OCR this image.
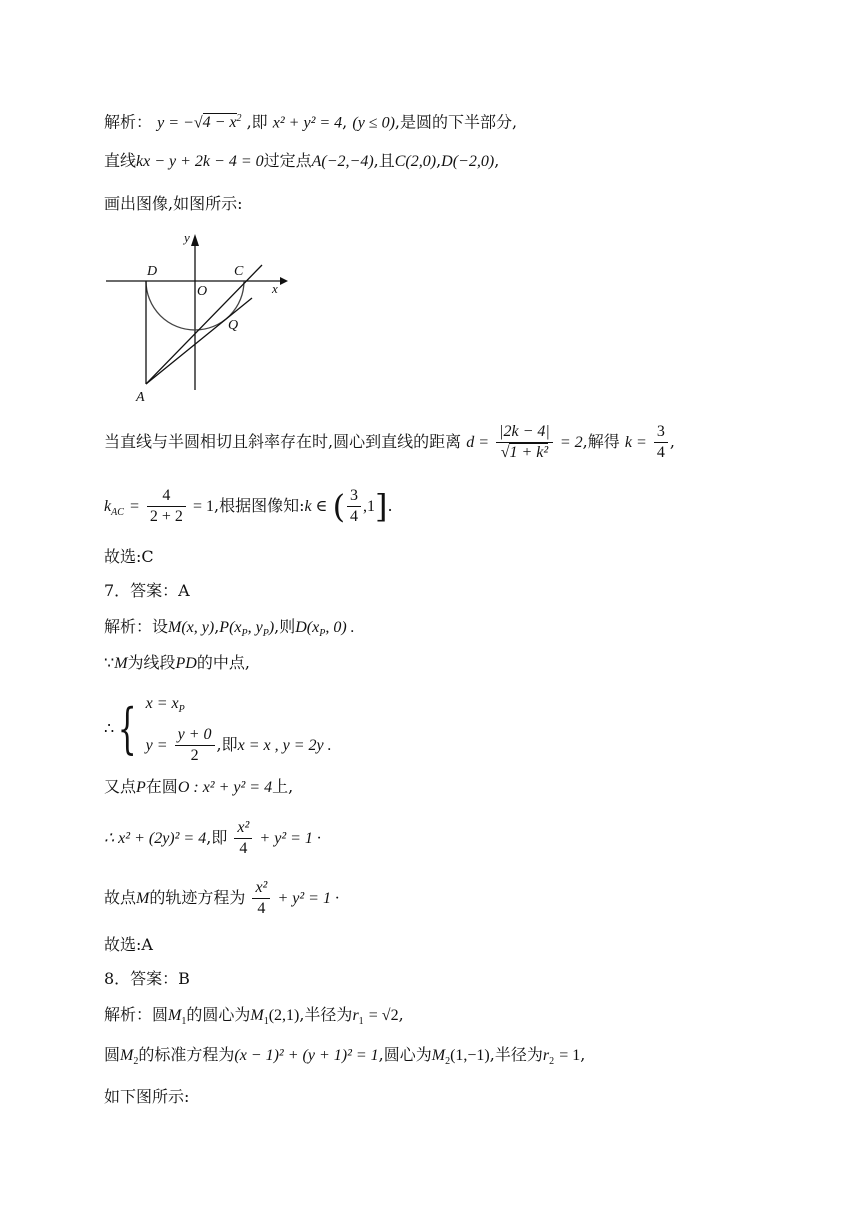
解析： $y = -√4 - x^2$ ,即 x² + y² = 4, (y ≤ 0),是圆的下半部分,
直线kx − y + 2k − 4 = 0过定点A(−2,−4),且C(2,0),D(−2,0),
画出图像,如图所示:
y
x
D	C
O
Q
A
当直线与半圆相切且斜率存在时,圆心到直线的距离 $d = \frac{|2k - 4|}{\text{√1 + k²}} = 2$,解得 $k = \frac{3}{4}$ ,
$k_{AC} = \frac{4}{2 + 2} = 1$,根据图像知:k ∈ ( $\frac{3}{4} ,1$].
故选:C
7．答案：A
解析：设M(x, $y),P(x_P$, $y_P$),则$D(x_P$, 0) .
∵M为线段PD的中点,
∴{ $x = x_P$
$y = \frac{y + 0}{2}$ ,即x = x , y = 2y .
又点P在圆O : x² + y² = 4上,
∴ x² + (2y)² = 4,即 $\frac{\text{x²}}{4} + y^2 = 1$ ·
故点M的轨迹方程为 $\frac{\text{x²}}{4} + y^2 = 1$ ·
故选:A
8．答案：B
解析：圆$M_1$的圆心为$M_1(2,1)$,半径为$r_1 = √2$,
圆$M_2$的标准方程为(x − 1)² + (y + 1)² = 1,圆心为$M_2(1,-1)$,半径为$r_2 = 1$,
如下图所示:
